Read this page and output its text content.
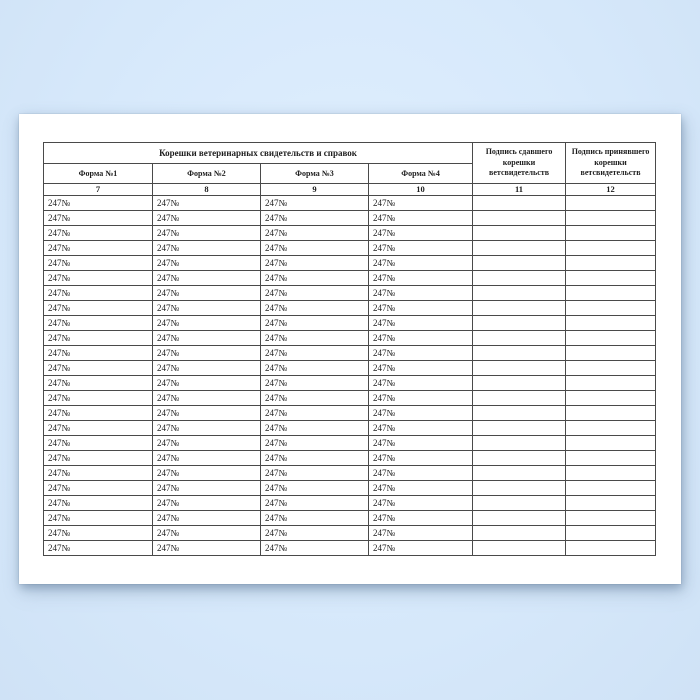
Корешки ветеринарных свидетельств и справок				Подпись сдавшего корешки ветсвидетельств	Подпись принявшего корешки ветсвидетельств
Форма №1	Форма №2	Форма №3	Форма №4		
7	8	9	10	11	12
247№	247№	247№	247№		
247№	247№	247№	247№		
247№	247№	247№	247№		
247№	247№	247№	247№		
247№	247№	247№	247№		
247№	247№	247№	247№		
247№	247№	247№	247№		
247№	247№	247№	247№		
247№	247№	247№	247№		
247№	247№	247№	247№		
247№	247№	247№	247№		
247№	247№	247№	247№		
247№	247№	247№	247№		
247№	247№	247№	247№		
247№	247№	247№	247№		
247№	247№	247№	247№		
247№	247№	247№	247№		
247№	247№	247№	247№		
247№	247№	247№	247№		
247№	247№	247№	247№		
247№	247№	247№	247№		
247№	247№	247№	247№		
247№	247№	247№	247№		
247№	247№	247№	247№		
